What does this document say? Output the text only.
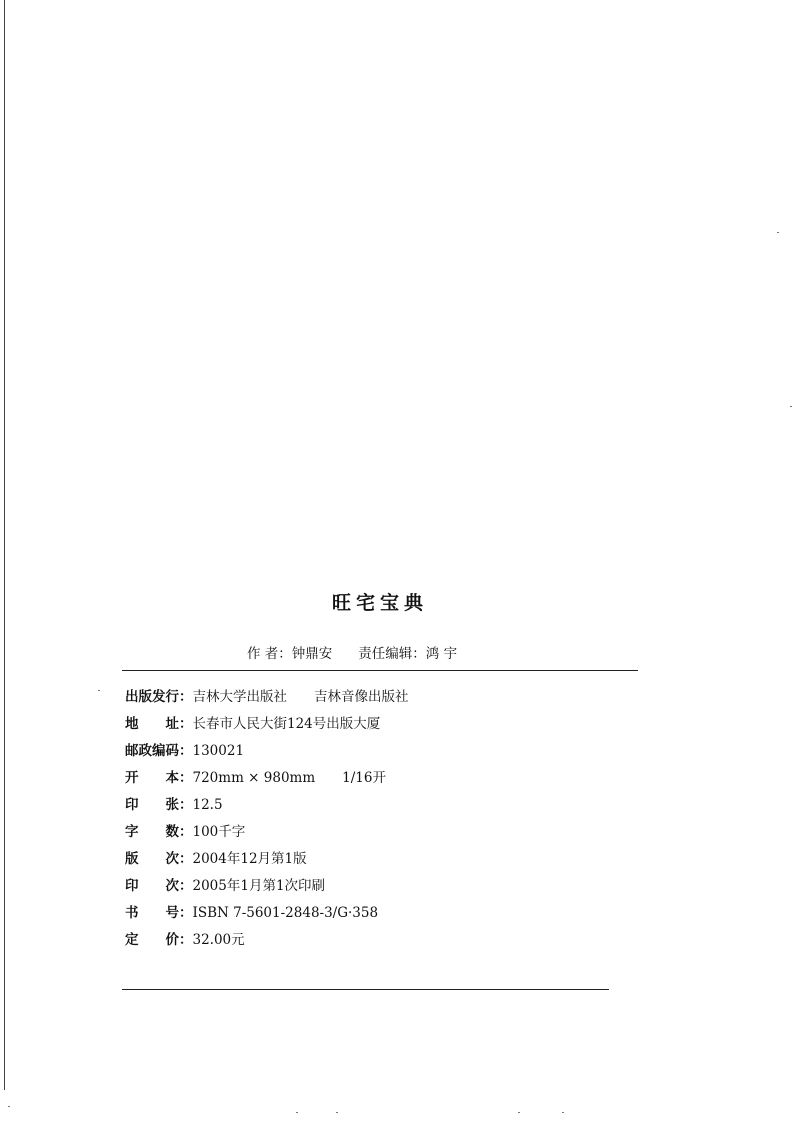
旺宅宝典
作 者：钟鼎安 责任编辑：鸿 宇
出版发行：吉林大学出版社　　吉林音像出版社
地　　址：长春市人民大街124号出版大厦
邮政编码：130021
开　　本：720mm × 980mm　　1/16开
印　　张：12.5
字　　数：100千字
版　　次：2004年12月第1版
印　　次：2005年1月第1次印刷
书　　号：ISBN 7-5601-2848-3/G·358
定　　价：32.00元
